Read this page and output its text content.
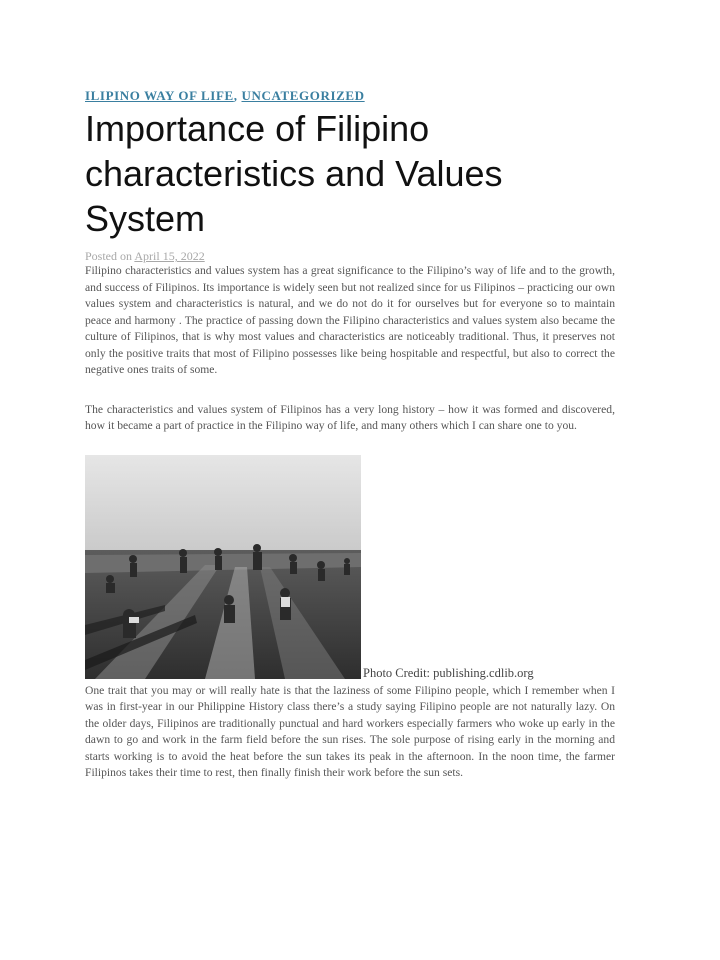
ILIPINO WAY OF LIFE, UNCATEGORIZED
Importance of Filipino characteristics and Values System
Posted on April 15, 2022

Filipino characteristics and values system has a great significance to the Filipino’s way of life and to the growth, and success of Filipinos. Its importance is widely seen but not realized since for us Filipinos – practicing our own values system and characteristics is natural, and we do not do it for ourselves but for everyone so to maintain peace and harmony . The practice of passing down the Filipino characteristics and values system also became the culture of Filipinos, that is why most values and characteristics are noticeably traditional. Thus, it preserves not only the positive traits that most of Filipino possesses like being hospitable and respectful, but also to correct the negative ones traits of some.

The characteristics and values system of Filipinos has a very long history – how it was formed and discovered, how it became a part of practice in the Filipino way of life, and many others which I can share one to you.

Photo Credit: publishing.cdlib.org

One trait that you may or will really hate is that the laziness of some Filipino people, which I remember when I was in first-year in our Philippine History class there’s a study saying Filipino people are not naturally lazy. On the older days, Filipinos are traditionally punctual and hard workers especially farmers who woke up early in the dawn to go and work in the farm field before the sun rises. The sole purpose of rising early in the morning and starts working is to avoid the heat before the sun takes its peak in the afternoon. In the noon time, the farmer Filipinos takes their time to rest, then finally finish their work before the sun sets.
